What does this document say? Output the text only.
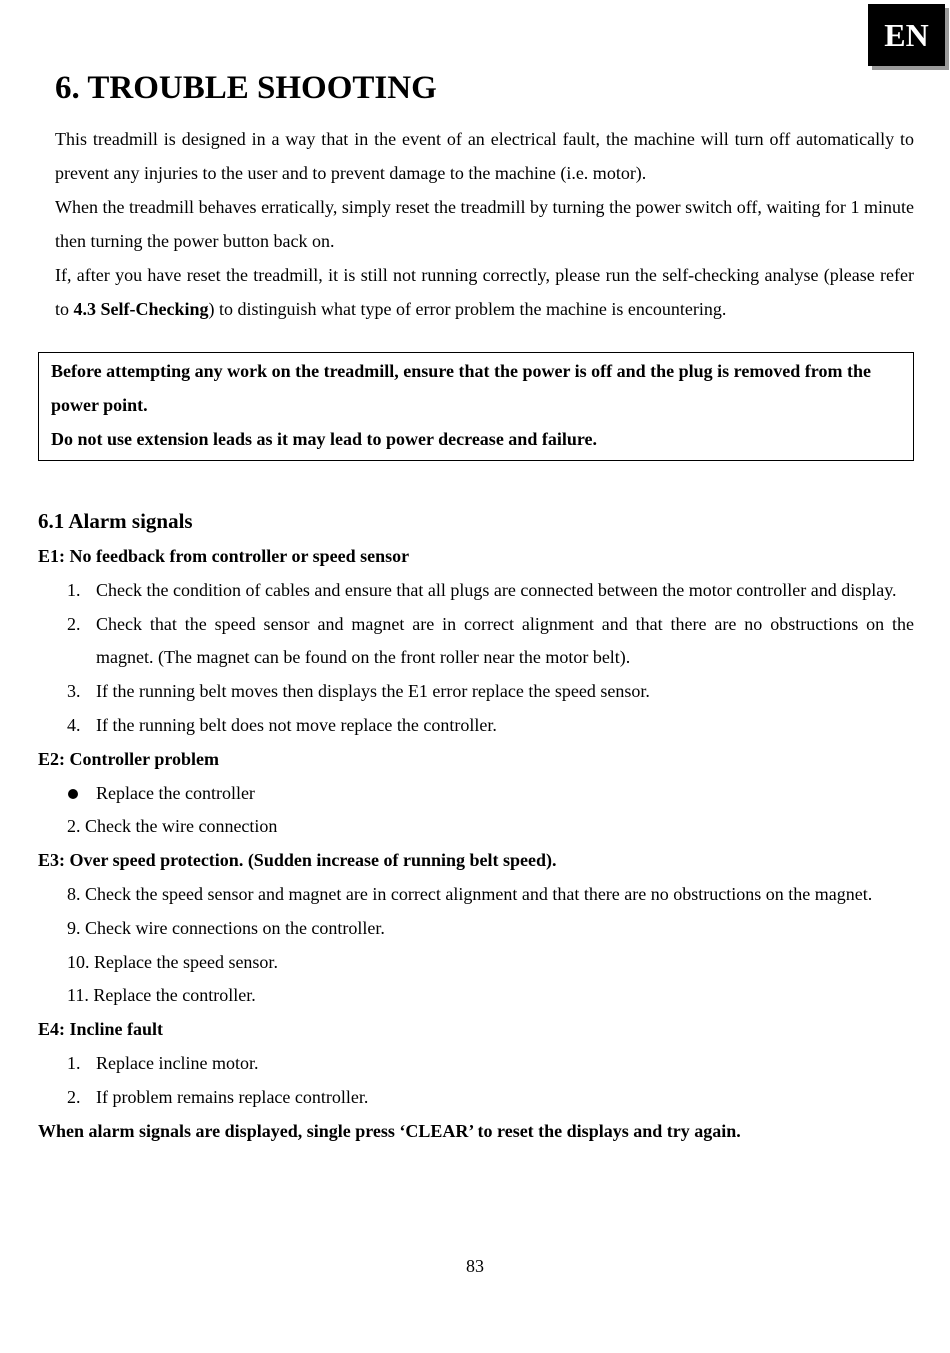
EN
6. TROUBLE SHOOTING

This treadmill is designed in a way that in the event of an electrical fault, the machine will turn off automatically to prevent any injuries to the user and to prevent damage to the machine (i.e. motor).

When the treadmill behaves erratically, simply reset the treadmill by turning the power switch off, waiting for 1 minute then turning the power button back on.

If, after you have reset the treadmill, it is still not running correctly, please run the self-checking analyse (please refer to 4.3 Self-Checking) to distinguish what type of error problem the machine is encountering.

Before attempting any work on the treadmill, ensure that the power is off and the plug is removed from the power point.

Do not use extension leads as it may lead to power decrease and failure.

6.1 Alarm signals
E1: No feedback from controller or speed sensor
1. Check the condition of cables and ensure that all plugs are connected between the motor controller and display.
2. Check that the speed sensor and magnet are in correct alignment and that there are no obstructions on the magnet. (The magnet can be found on the front roller near the motor belt).
3. If the running belt moves then displays the E1 error replace the speed sensor.
4. If the running belt does not move replace the controller.
E2: Controller problem
Replace the controller
2. Check the wire connection
E3: Over speed protection. (Sudden increase of running belt speed).
8. Check the speed sensor and magnet are in correct alignment and that there are no obstructions on the magnet.
9. Check wire connections on the controller.
10. Replace the speed sensor.
11. Replace the controller.
E4: Incline fault
1. Replace incline motor.
2. If problem remains replace controller.
When alarm signals are displayed, single press ‘CLEAR’ to reset the displays and try again.
83
